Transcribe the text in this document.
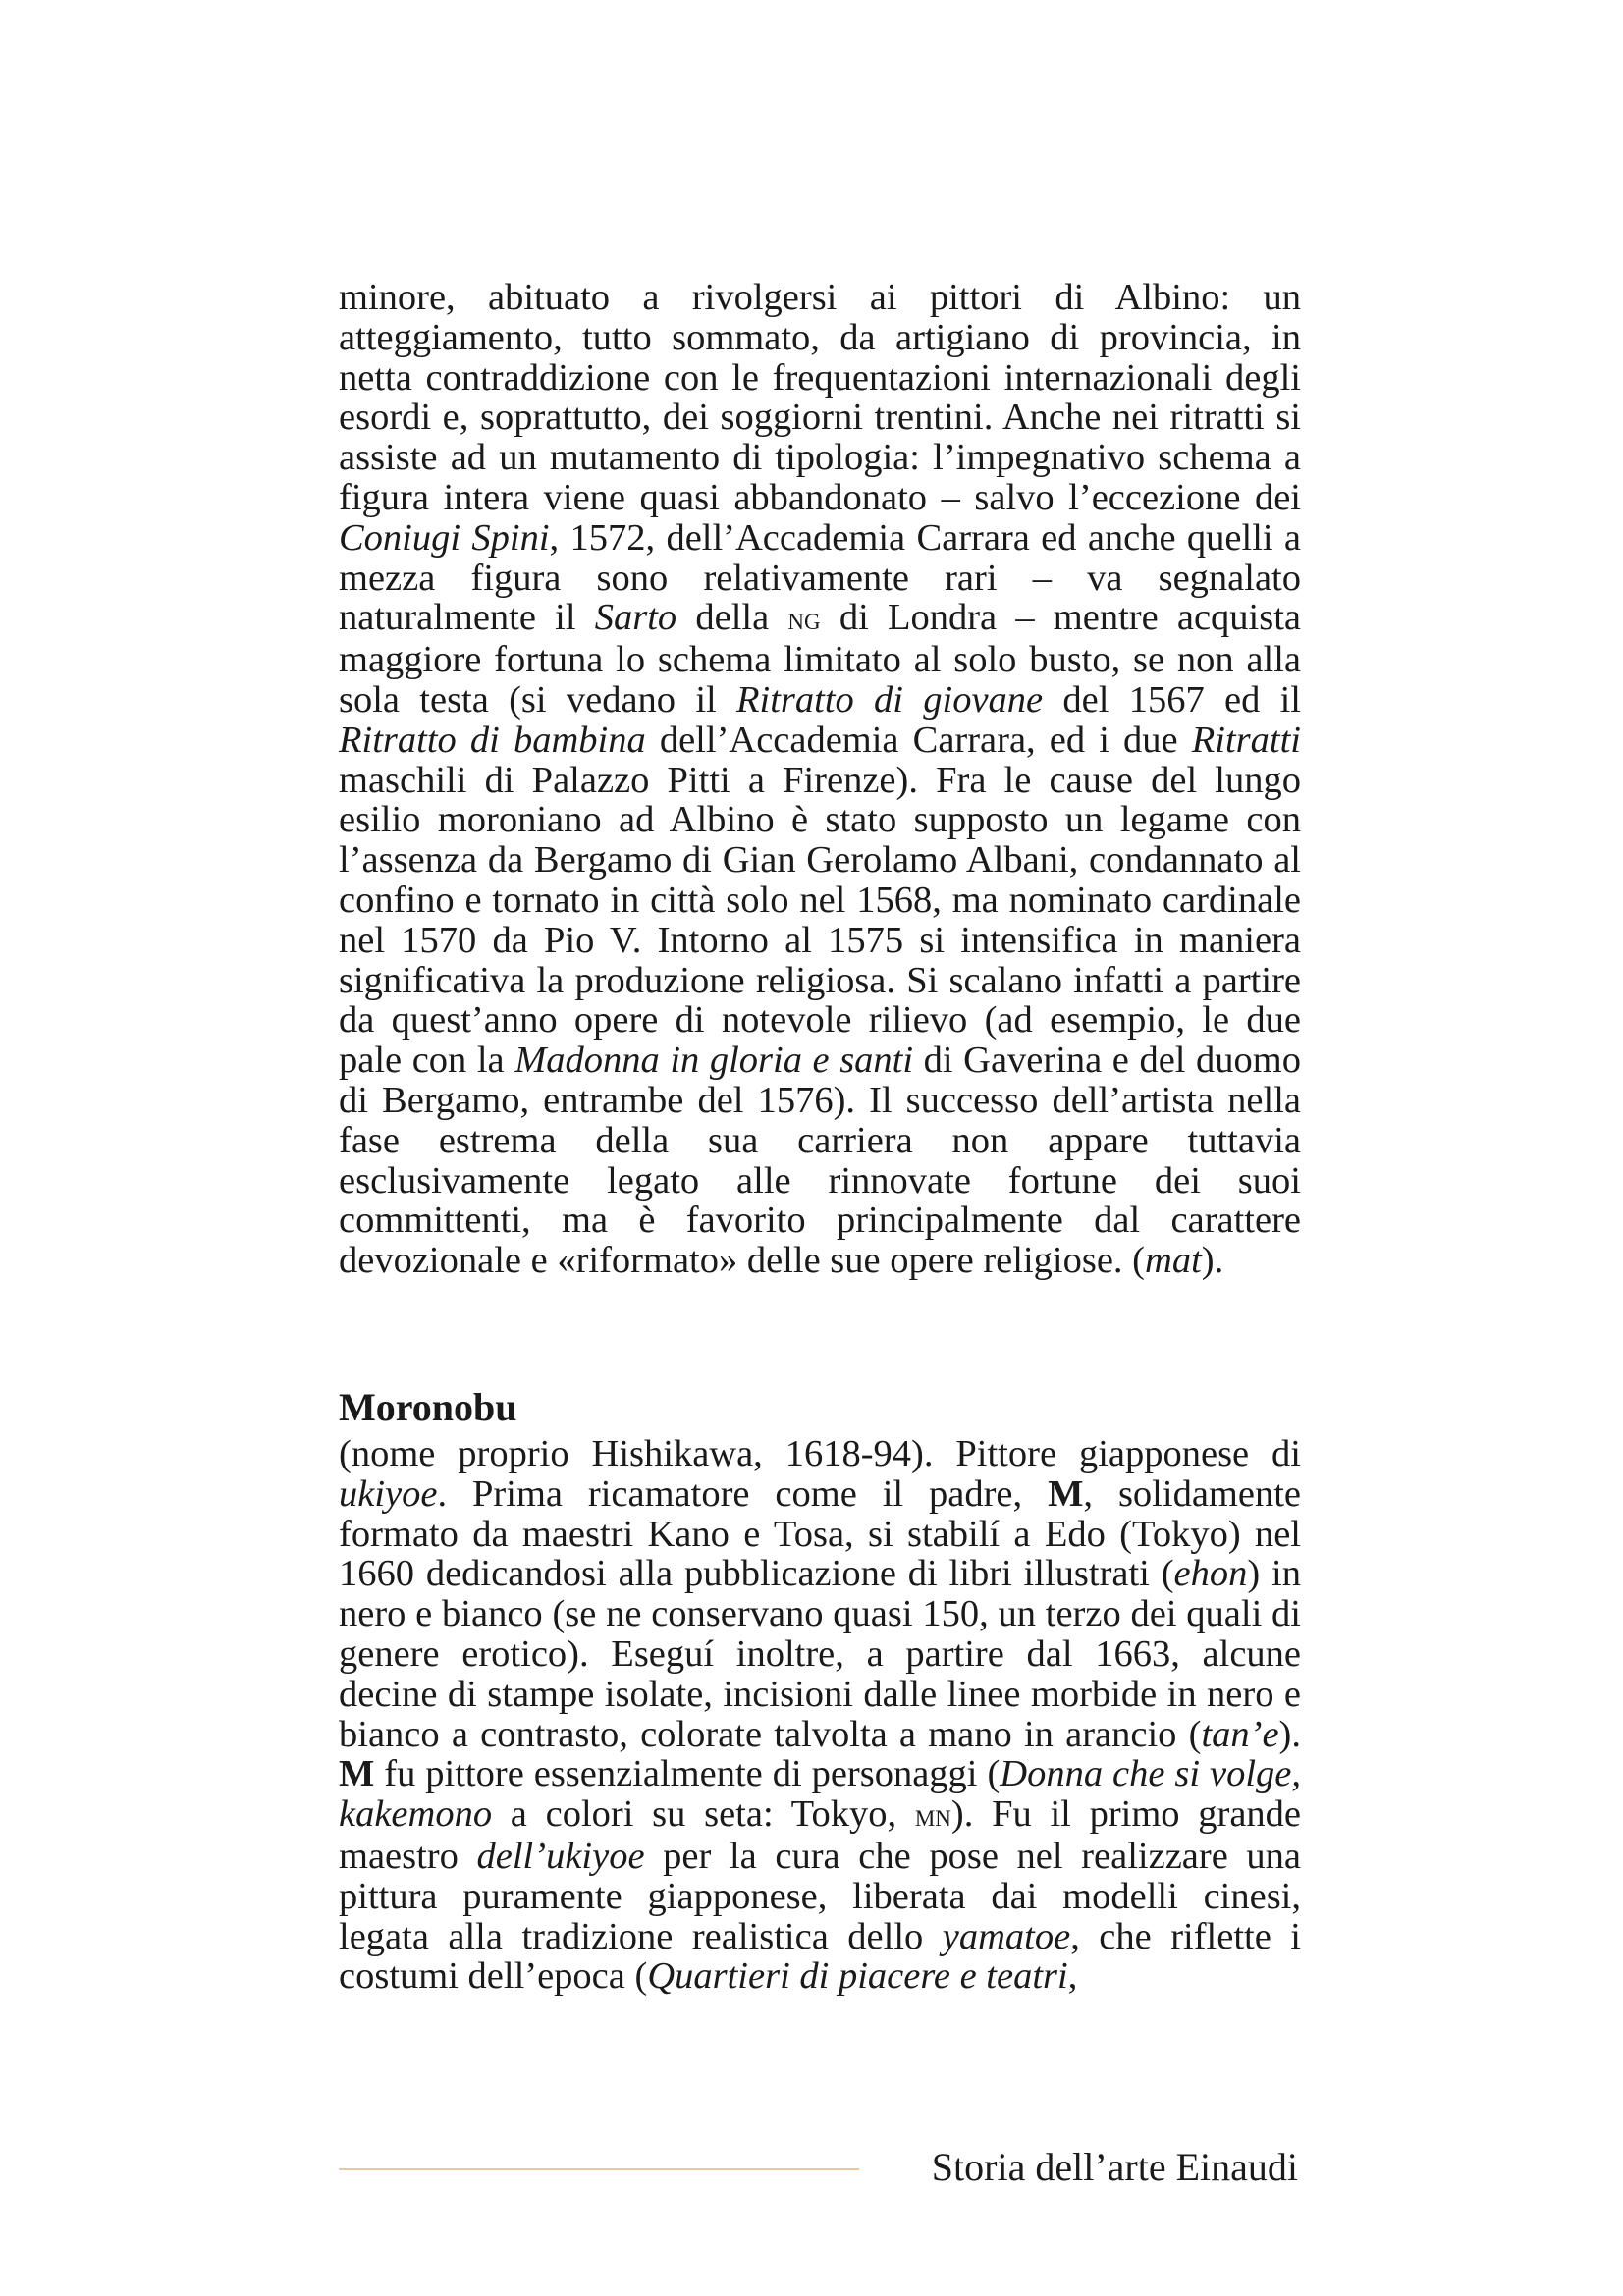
minore, abituato a rivolgersi ai pittori di Albino: un atteggiamento, tutto sommato, da artigiano di provincia, in netta contraddizione con le frequentazioni internazionali degli esordi e, soprattutto, dei soggiorni trentini. Anche nei ritratti si assiste ad un mutamento di tipologia: l’impegnativo schema a figura intera viene quasi abbandonato – salvo l’eccezione dei Coniugi Spini, 1572, dell’Accademia Carrara ed anche quelli a mezza figura sono relativamente rari – va segnalato naturalmente il Sarto della ng di Londra – mentre acquista maggiore fortuna lo schema limitato al solo busto, se non alla sola testa (si vedano il Ritratto di giovane del 1567 ed il Ritratto di bambina dell’Accademia Carrara, ed i due Ritratti maschili di Palazzo Pitti a Firenze). Fra le cause del lungo esilio moroniano ad Albino è stato supposto un legame con l’assenza da Bergamo di Gian Gerolamo Albani, condannato al confino e tornato in città solo nel 1568, ma nominato cardinale nel 1570 da Pio V. Intorno al 1575 si intensifica in maniera significativa la produzione religiosa. Si scalano infatti a partire da quest’anno opere di notevole rilievo (ad esempio, le due pale con la Madonna in gloria e santi di Gaverina e del duomo di Bergamo, entrambe del 1576). Il successo dell’artista nella fase estrema della sua carriera non appare tuttavia esclusivamente legato alle rinnovate fortune dei suoi committenti, ma è favorito principalmente dal carattere devozionale e «riformato» delle sue opere religiose. (mat).

Moronobu

(nome proprio Hishikawa, 1618-94). Pittore giapponese di ukiyoe. Prima ricamatore come il padre, M, solidamente formato da maestri Kano e Tosa, si stabilí a Edo (Tokyo) nel 1660 dedicandosi alla pubblicazione di libri illustrati (ehon) in nero e bianco (se ne conservano quasi 150, un terzo dei quali di genere erotico). Eseguí inoltre, a partire dal 1663, alcune decine di stampe isolate, incisioni dalle linee morbide in nero e bianco a contrasto, colorate talvolta a mano in arancio (tan’e). M fu pittore essenzialmente di personaggi (Donna che si volge, kakemono a colori su seta: Tokyo, mn). Fu il primo grande maestro dell’ukiyoe per la cura che pose nel realizzare una pittura puramente giapponese, liberata dai modelli cinesi, legata alla tradizione realistica dello yamatoe, che riflette i costumi dell’epoca (Quartieri di piacere e teatri,

Storia dell’arte Einaudi
